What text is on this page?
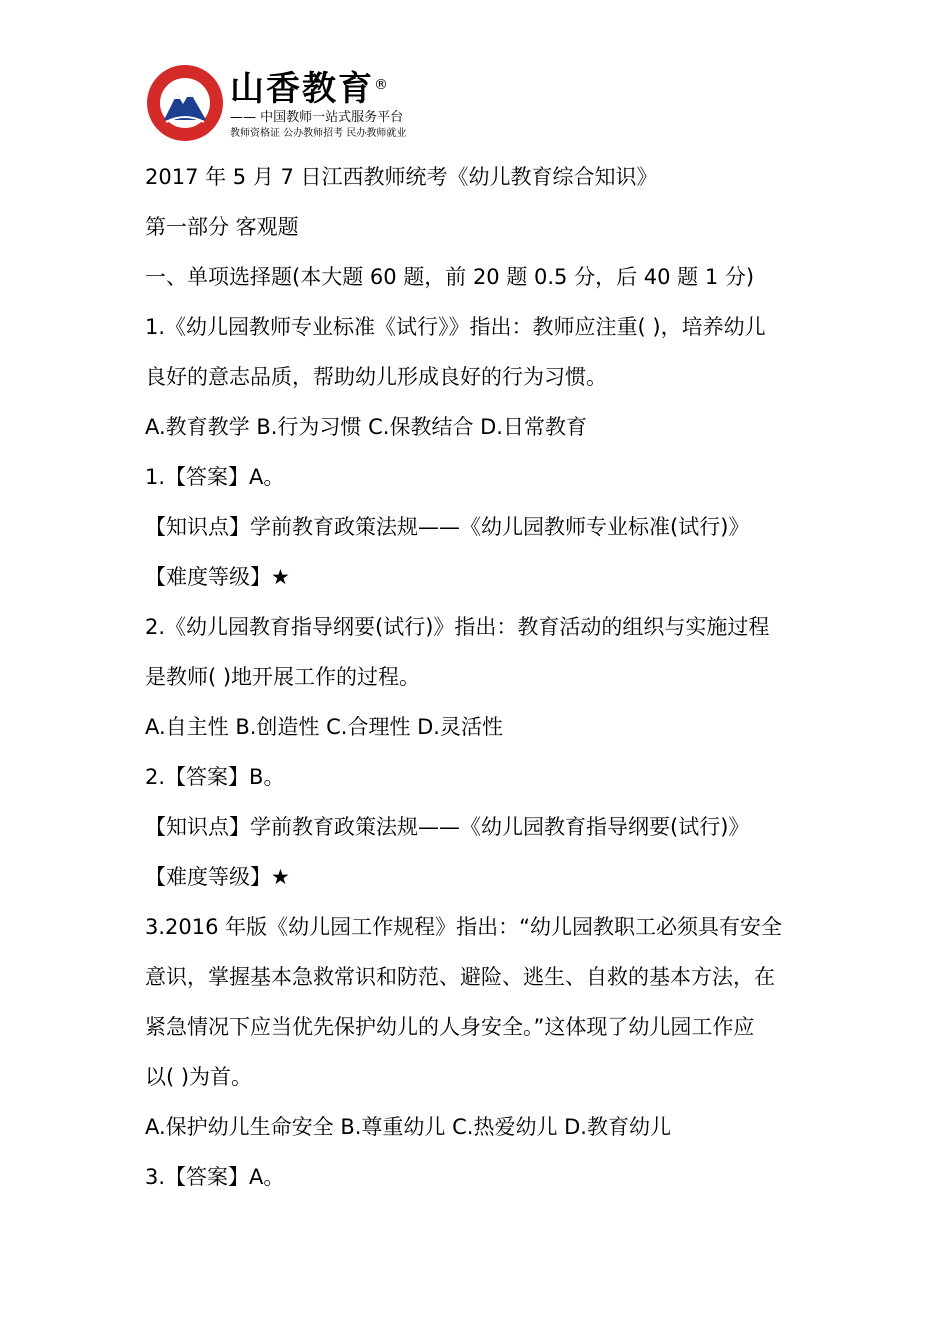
山香教育®
—— 中国教师一站式服务平台
教师资格证 公办教师招考 民办教师就业
2017 年 5 月 7 日江西教师统考《幼儿教育综合知识》
第一部分 客观题
一、单项选择题(本大题 60 题，前 20 题 0.5 分，后 40 题 1 分)
1.《幼儿园教师专业标准《试行》》指出：教师应注重( )，培养幼儿
良好的意志品质，帮助幼儿形成良好的行为习惯。
A.教育教学 B.行为习惯 C.保教结合 D.日常教育
1.【答案】A。
【知识点】学前教育政策法规——《幼儿园教师专业标准(试行)》
【难度等级】★
2.《幼儿园教育指导纲要(试行)》指出：教育活动的组织与实施过程
是教师( )地开展工作的过程。
A.自主性 B.创造性 C.合理性 D.灵活性
2.【答案】B。
【知识点】学前教育政策法规——《幼儿园教育指导纲要(试行)》
【难度等级】★
3.2016 年版《幼儿园工作规程》指出：“幼儿园教职工必须具有安全
意识，掌握基本急救常识和防范、避险、逃生、自救的基本方法，在
紧急情况下应当优先保护幼儿的人身安全。”这体现了幼儿园工作应
以( )为首。
A.保护幼儿生命安全 B.尊重幼儿 C.热爱幼儿 D.教育幼儿
3.【答案】A。
